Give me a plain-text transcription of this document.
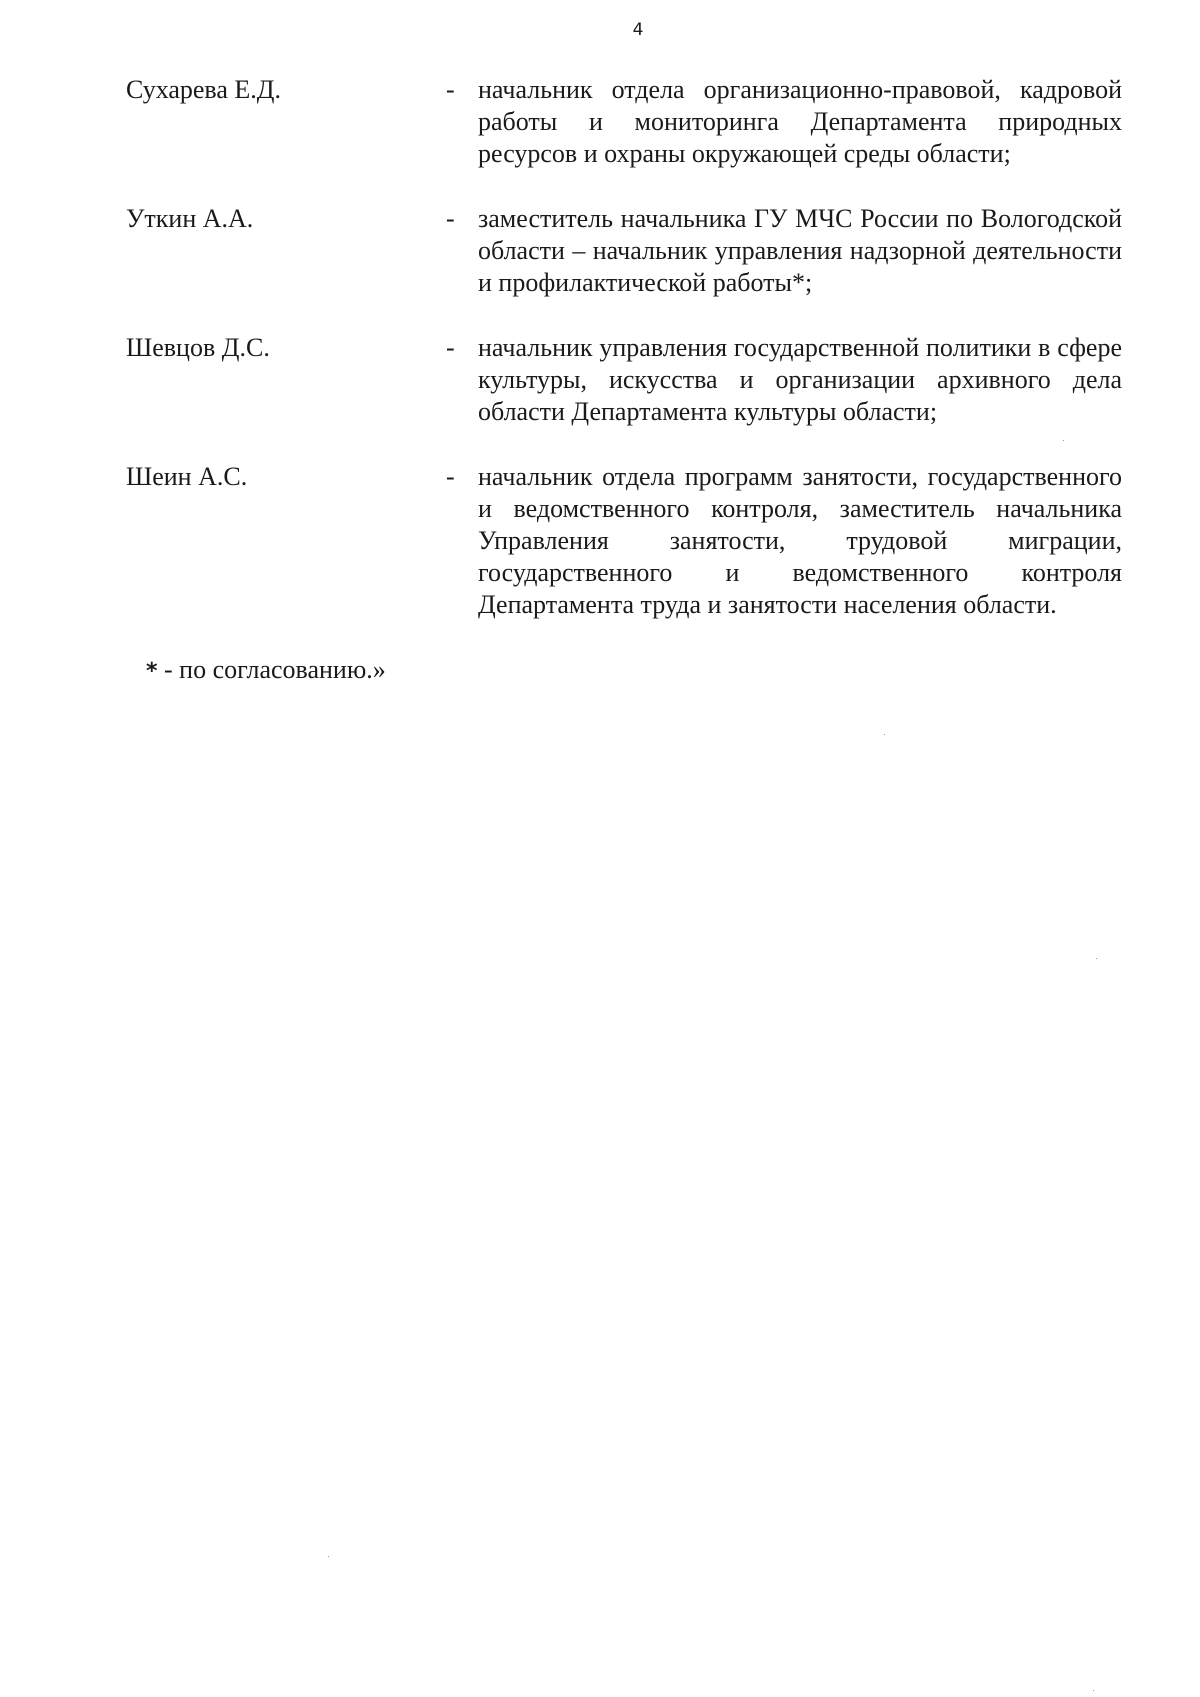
4
Сухарева Е.Д.	- начальник отдела организационно-правовой, кадровой работы и мониторинга Департамента природных ресурсов и охраны окружающей среды области;
Уткин А.А.	- заместитель начальника ГУ МЧС России по Вологодской области – начальник управления надзорной деятельности и профилактической работы*;
Шевцов Д.С.	- начальник управления государственной политики в сфере культуры, искусства и организации архивного дела области Департамента культуры области;
Шеин А.С.	- начальник отдела программ занятости, государственного и ведомственного контроля, заместитель начальника Управления занятости, трудовой миграции, государственного и ведомственного контроля Департамента труда и занятости населения области.
* - по согласованию.»
